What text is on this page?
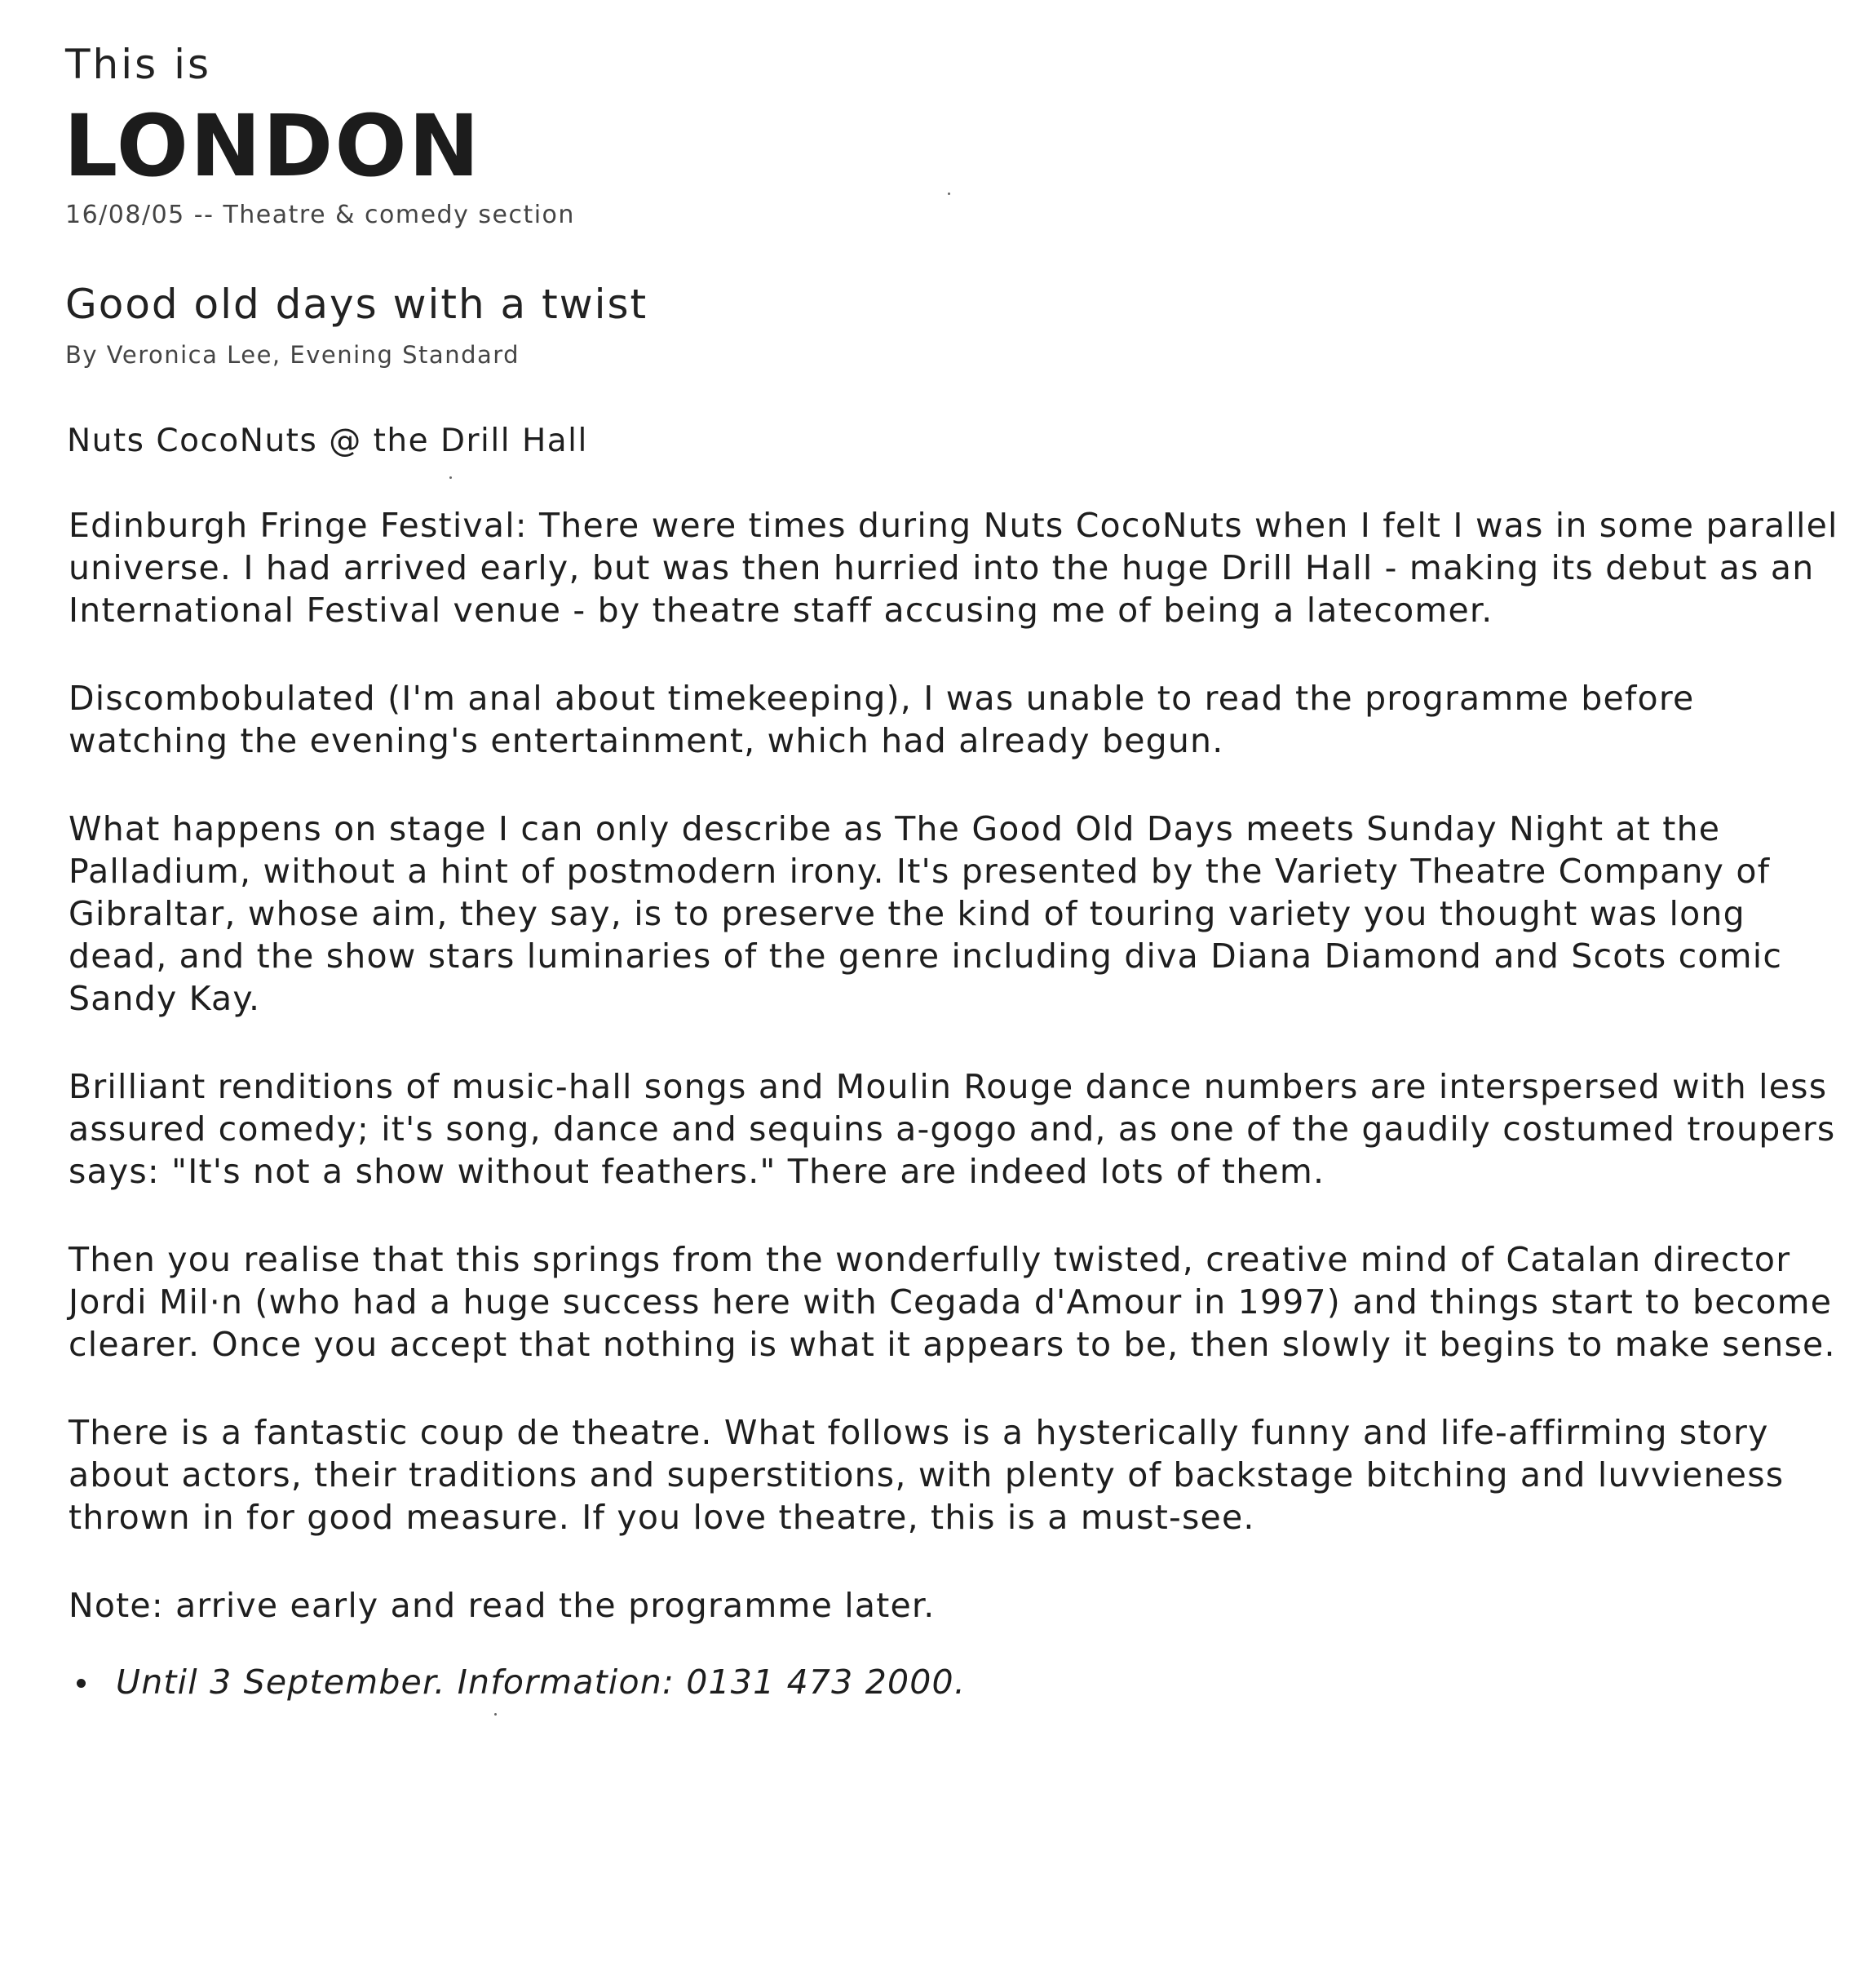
This is
LONDON
16/08/05 -- Theatre & comedy section
Good old days with a twist
By Veronica Lee, Evening Standard
Nuts CocoNuts @ the Drill Hall

Edinburgh Fringe Festival: There were times during Nuts CocoNuts when I felt I was in some parallel universe. I had arrived early, but was then hurried into the huge Drill Hall - making its debut as an International Festival venue - by theatre staff accusing me of being a latecomer.

Discombobulated (I'm anal about timekeeping), I was unable to read the programme before watching the evening's entertainment, which had already begun.

What happens on stage I can only describe as The Good Old Days meets Sunday Night at the Palladium, without a hint of postmodern irony. It's presented by the Variety Theatre Company of Gibraltar, whose aim, they say, is to preserve the kind of touring variety you thought was long dead, and the show stars luminaries of the genre including diva Diana Diamond and Scots comic Sandy Kay.

Brilliant renditions of music-hall songs and Moulin Rouge dance numbers are interspersed with less assured comedy; it's song, dance and sequins a-gogo and, as one of the gaudily costumed troupers says: "It's not a show without feathers." There are indeed lots of them.

Then you realise that this springs from the wonderfully twisted, creative mind of Catalan director Jordi Mil·n (who had a huge success here with Cegada d'Amour in 1997) and things start to become clearer. Once you accept that nothing is what it appears to be, then slowly it begins to make sense.

There is a fantastic coup de theatre. What follows is a hysterically funny and life-affirming story about actors, their traditions and superstitions, with plenty of backstage bitching and luvvieness thrown in for good measure. If you love theatre, this is a must-see.

Note: arrive early and read the programme later.

Until 3 September. Information: 0131 473 2000.
